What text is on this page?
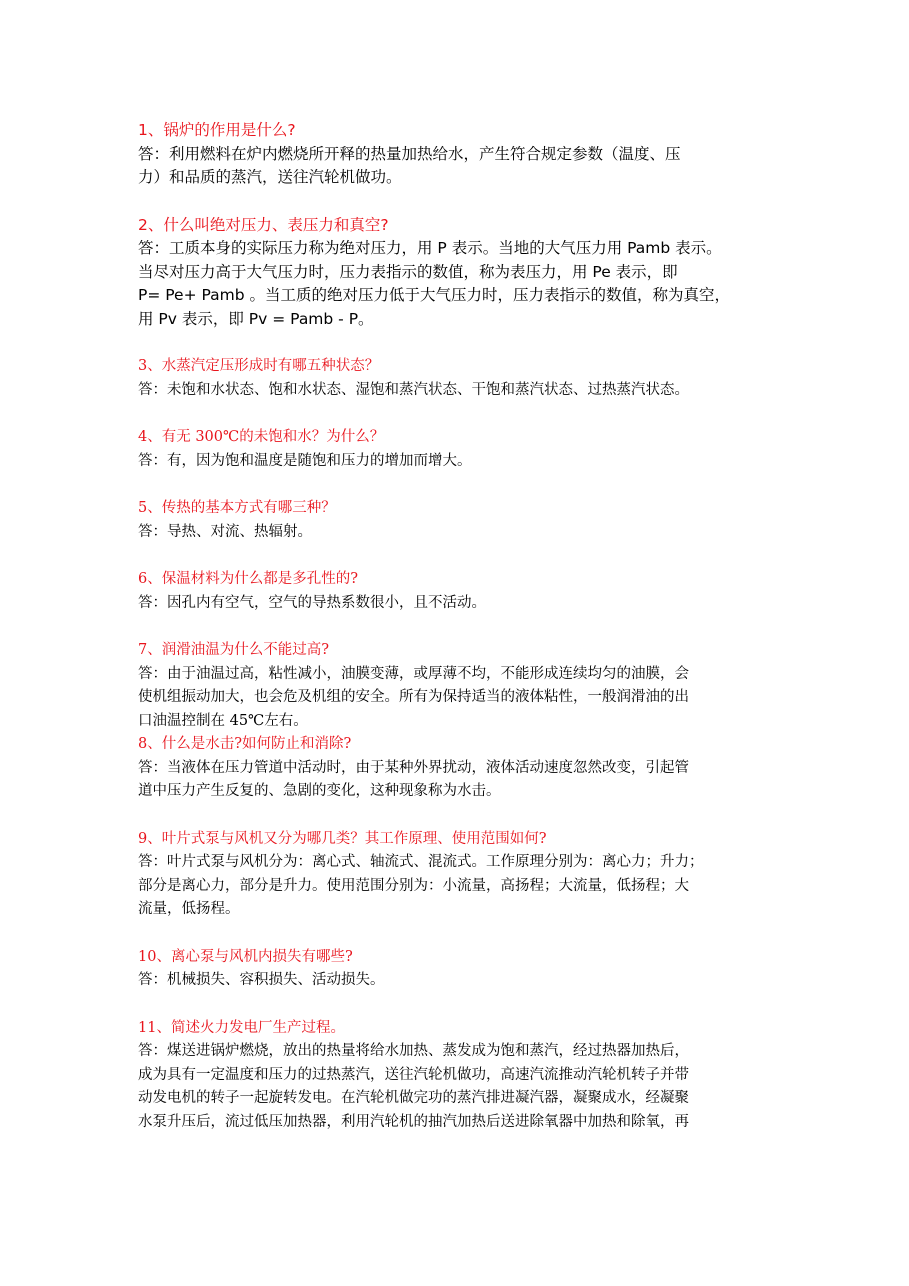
1、锅炉的作用是什么?

答：利用燃料在炉内燃烧所开释的热量加热给水，产生符合规定参数（温度、压
力）和品质的蒸汽，送往汽轮机做功。

2、什么叫绝对压力、表压力和真空?

答：工质本身的实际压力称为绝对压力，用 P 表示。当地的大气压力用 Pamb 表示。
当尽对压力高于大气压力时，压力表指示的数值，称为表压力，用 Pe 表示，即
P= Pe+ Pamb 。当工质的绝对压力低于大气压力时，压力表指示的数值，称为真空，
用 Pv 表示，即 Pv = Pamb - P。

3、水蒸汽定压形成时有哪五种状态？

答：未饱和水状态、饱和水状态、湿饱和蒸汽状态、干饱和蒸汽状态、过热蒸汽状态。

4、有无 300℃的未饱和水？为什么？

答：有，因为饱和温度是随饱和压力的增加而增大。

5、传热的基本方式有哪三种？

答：导热、对流、热辐射。

6、保温材料为什么都是多孔性的?

答：因孔内有空气，空气的导热系数很小，且不活动。

7、润滑油温为什么不能过高?

答：由于油温过高，粘性减小，油膜变薄，或厚薄不均，不能形成连续均匀的油膜，会
使机组振动加大，也会危及机组的安全。所有为保持适当的液体粘性，一般润滑油的出
口油温控制在 45℃左右。

8、什么是水击?如何防止和消除?

答：当液体在压力管道中活动时，由于某种外界扰动，液体活动速度忽然改变，引起管
道中压力产生反复的、急剧的变化，这种现象称为水击。

9、叶片式泵与风机又分为哪几类？其工作原理、使用范围如何?

答：叶片式泵与风机分为：离心式、轴流式、混流式。工作原理分别为：离心力；升力；
部分是离心力，部分是升力。使用范围分别为：小流量，高扬程；大流量，低扬程；大
流量，低扬程。

10、离心泵与风机内损失有哪些?

答：机械损失、容积损失、活动损失。

11、简述火力发电厂生产过程。

答：煤送进锅炉燃烧，放出的热量将给水加热、蒸发成为饱和蒸汽，经过热器加热后，
成为具有一定温度和压力的过热蒸汽，送往汽轮机做功，高速汽流推动汽轮机转子并带
动发电机的转子一起旋转发电。在汽轮机做完功的蒸汽排进凝汽器，凝聚成水，经凝聚
水泵升压后，流过低压加热器，利用汽轮机的抽汽加热后送进除氧器中加热和除氧，再
